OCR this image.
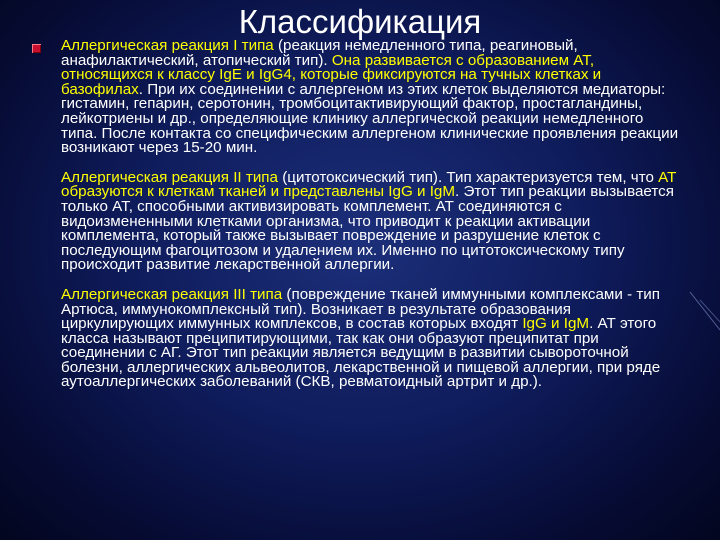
Классификация

Аллергическая реакция I типа (реакция немедленного типа, реагиновый, анафилактический, атопический тип). Она развивается с образованием АТ, относящихся к классу IgE и IgG4, которые фиксируются на тучных клетках и базофилах. При их соединении с аллергеном из этих клеток выделяются медиаторы: гистамин, гепарин, серотонин, тромбоцитактивирующий фактор, простагландины, лейкотриены и др., определяющие клинику аллергической реакции немедленного типа. После контакта со специфическим аллергеном клинические проявления реакции возникают через 15-20 мин.

Аллергическая реакция II типа (цитотоксический тип). Тип характеризуется тем, что АТ образуются к клеткам тканей и представлены IgG и IgM. Этот тип реакции вызывается только АТ, способными активизировать комплемент. АТ соединяются с видоизмененными клетками организма, что приводит к реакции активации комплемента, который также вызывает повреждение и разрушение клеток с последующим фагоцитозом и удалением их. Именно по цитотоксическому типу происходит развитие лекарственной аллергии.

Аллергическая реакция III типа (повреждение тканей иммунными комплексами - тип Артюса, иммунокомплексный тип). Возникает в результате образования циркулирующих иммунных комплексов, в состав которых входят IgG и IgM. АТ этого класса называют преципитирующими, так как они образуют преципитат при соединении с АГ. Этот тип реакции является ведущим в развитии сывороточной болезни, аллергических альвеолитов, лекарственной и пищевой аллергии, при ряде аутоаллергических заболеваний (СКВ, ревматоидный артрит и др.).
